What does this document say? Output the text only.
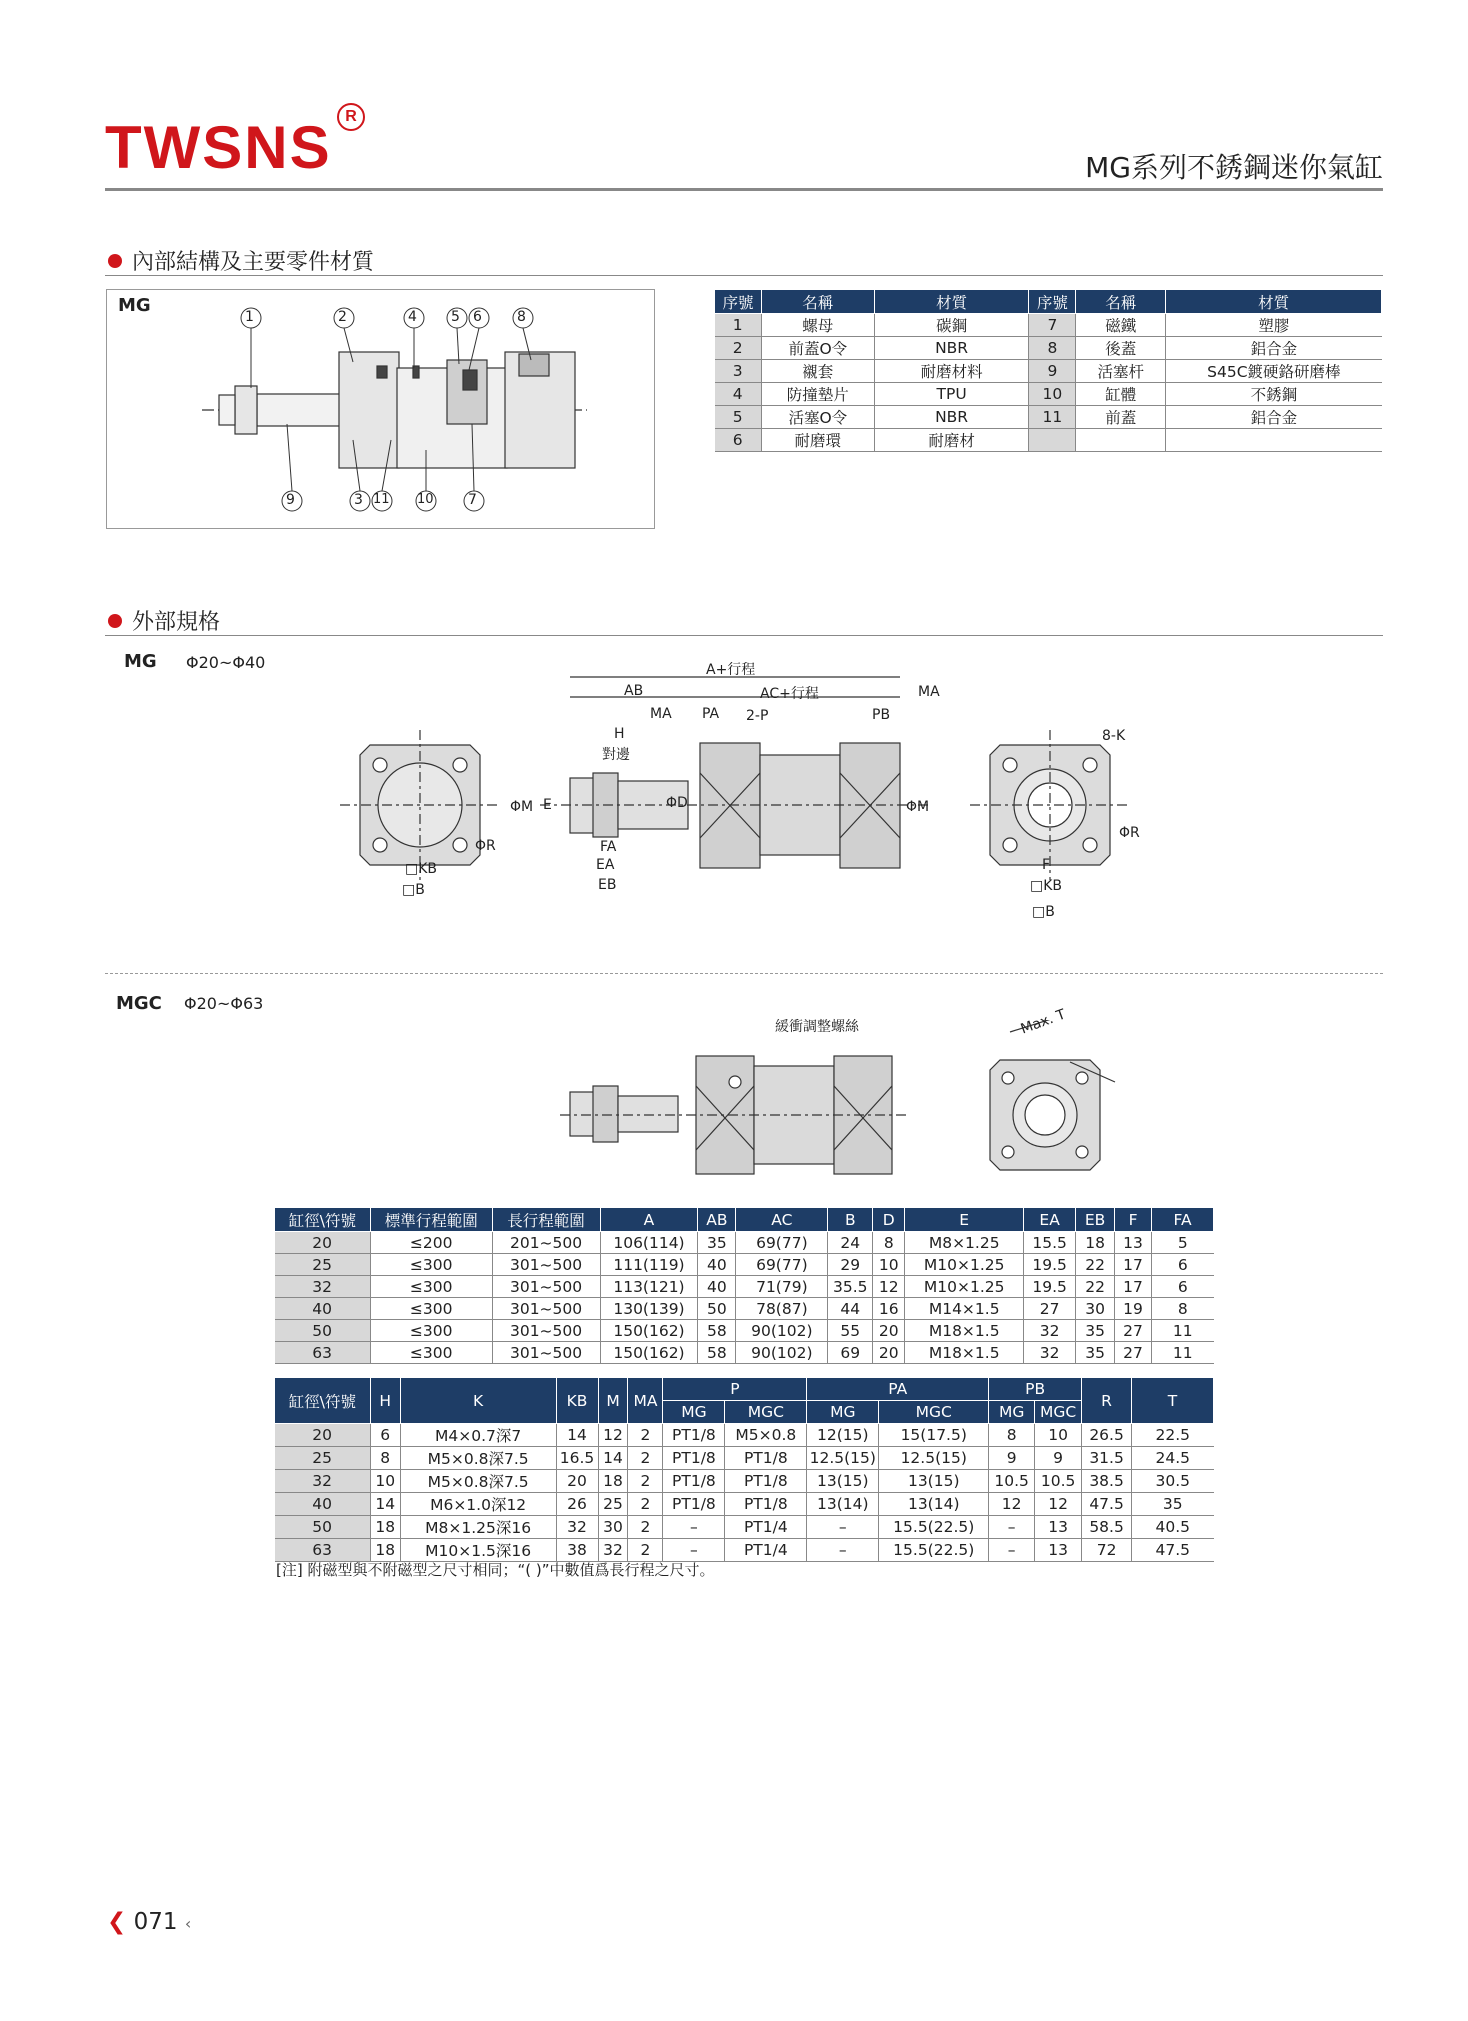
TWSNS R
MG系列不銹鋼迷你氣缸
內部結構及主要零件材質
MG
1	2	4 5 6	8
9	3 11 10 7
序號	名稱	材質	序號	名稱	材質
1	螺母	碳鋼	7	磁鐵	塑膠
2	前蓋O令	NBR	8	後蓋	鋁合金
3	襯套	耐磨材料	9	活塞杆	S45C鍍硬鉻研磨棒
4	防撞墊片	TPU	10	缸體	不銹鋼
5	活塞O令	NBR	11	前蓋	鋁合金
6	耐磨環	耐磨材			
外部規格
MG Φ20~Φ40	A+行程
AB	AC+行程	MA
MA PA 2-P	PB
H
對邊
FA
EA
EB
E
ΦM	ΦD	ΦM
ΦR
□KB
□B
8-K
ΦR
F
□KB
□B
MGC Φ20~Φ63
緩衝調整螺絲	Max. T
缸徑\符號	標準行程範圍	長行程範圍	A	AB	AC	B	D	E	EA	EB	F	FA
20	≤200	201~500	106(114)	35	69(77)	24	8	M8×1.25	15.5	18	13	5
25	≤300	301~500	111(119)	40	69(77)	29	10	M10×1.25	19.5	22	17	6
32	≤300	301~500	113(121)	40	71(79)	35.5	12	M10×1.25	19.5	22	17	6
40	≤300	301~500	130(139)	50	78(87)	44	16	M14×1.5	27	30	19	8
50	≤300	301~500	150(162)	58	90(102)	55	20	M18×1.5	32	35	27	11
63	≤300	301~500	150(162)	58	90(102)	69	20	M18×1.5	32	35	27	11
缸徑\符號	H	K	KB	M	MA	P		PA		PB		R	T
						MG	MGC	MG	MGC	MG	MGC		
20	6	M4×0.7深7	14	12	2	PT1/8	M5×0.8	12(15)	15(17.5)	8	10	26.5	22.5
25	8	M5×0.8深7.5	16.5	14	2	PT1/8	PT1/8	12.5(15)	12.5(15)	9	9	31.5	24.5
32	10	M5×0.8深7.5	20	18	2	PT1/8	PT1/8	13(15)	13(15)	10.5	10.5	38.5	30.5
40	14	M6×1.0深12	26	25	2	PT1/8	PT1/8	13(14)	13(14)	12	12	47.5	35
50	18	M8×1.25深16	32	30	2	–	PT1/4	–	15.5(22.5)	–	13	58.5	40.5
63	18	M10×1.5深16	38	32	2	–	PT1/4	–	15.5(22.5)	–	13	72	47.5
[注] 附磁型與不附磁型之尺寸相同；“( )”中數值爲長行程之尺寸。
❮ 071 ‹
